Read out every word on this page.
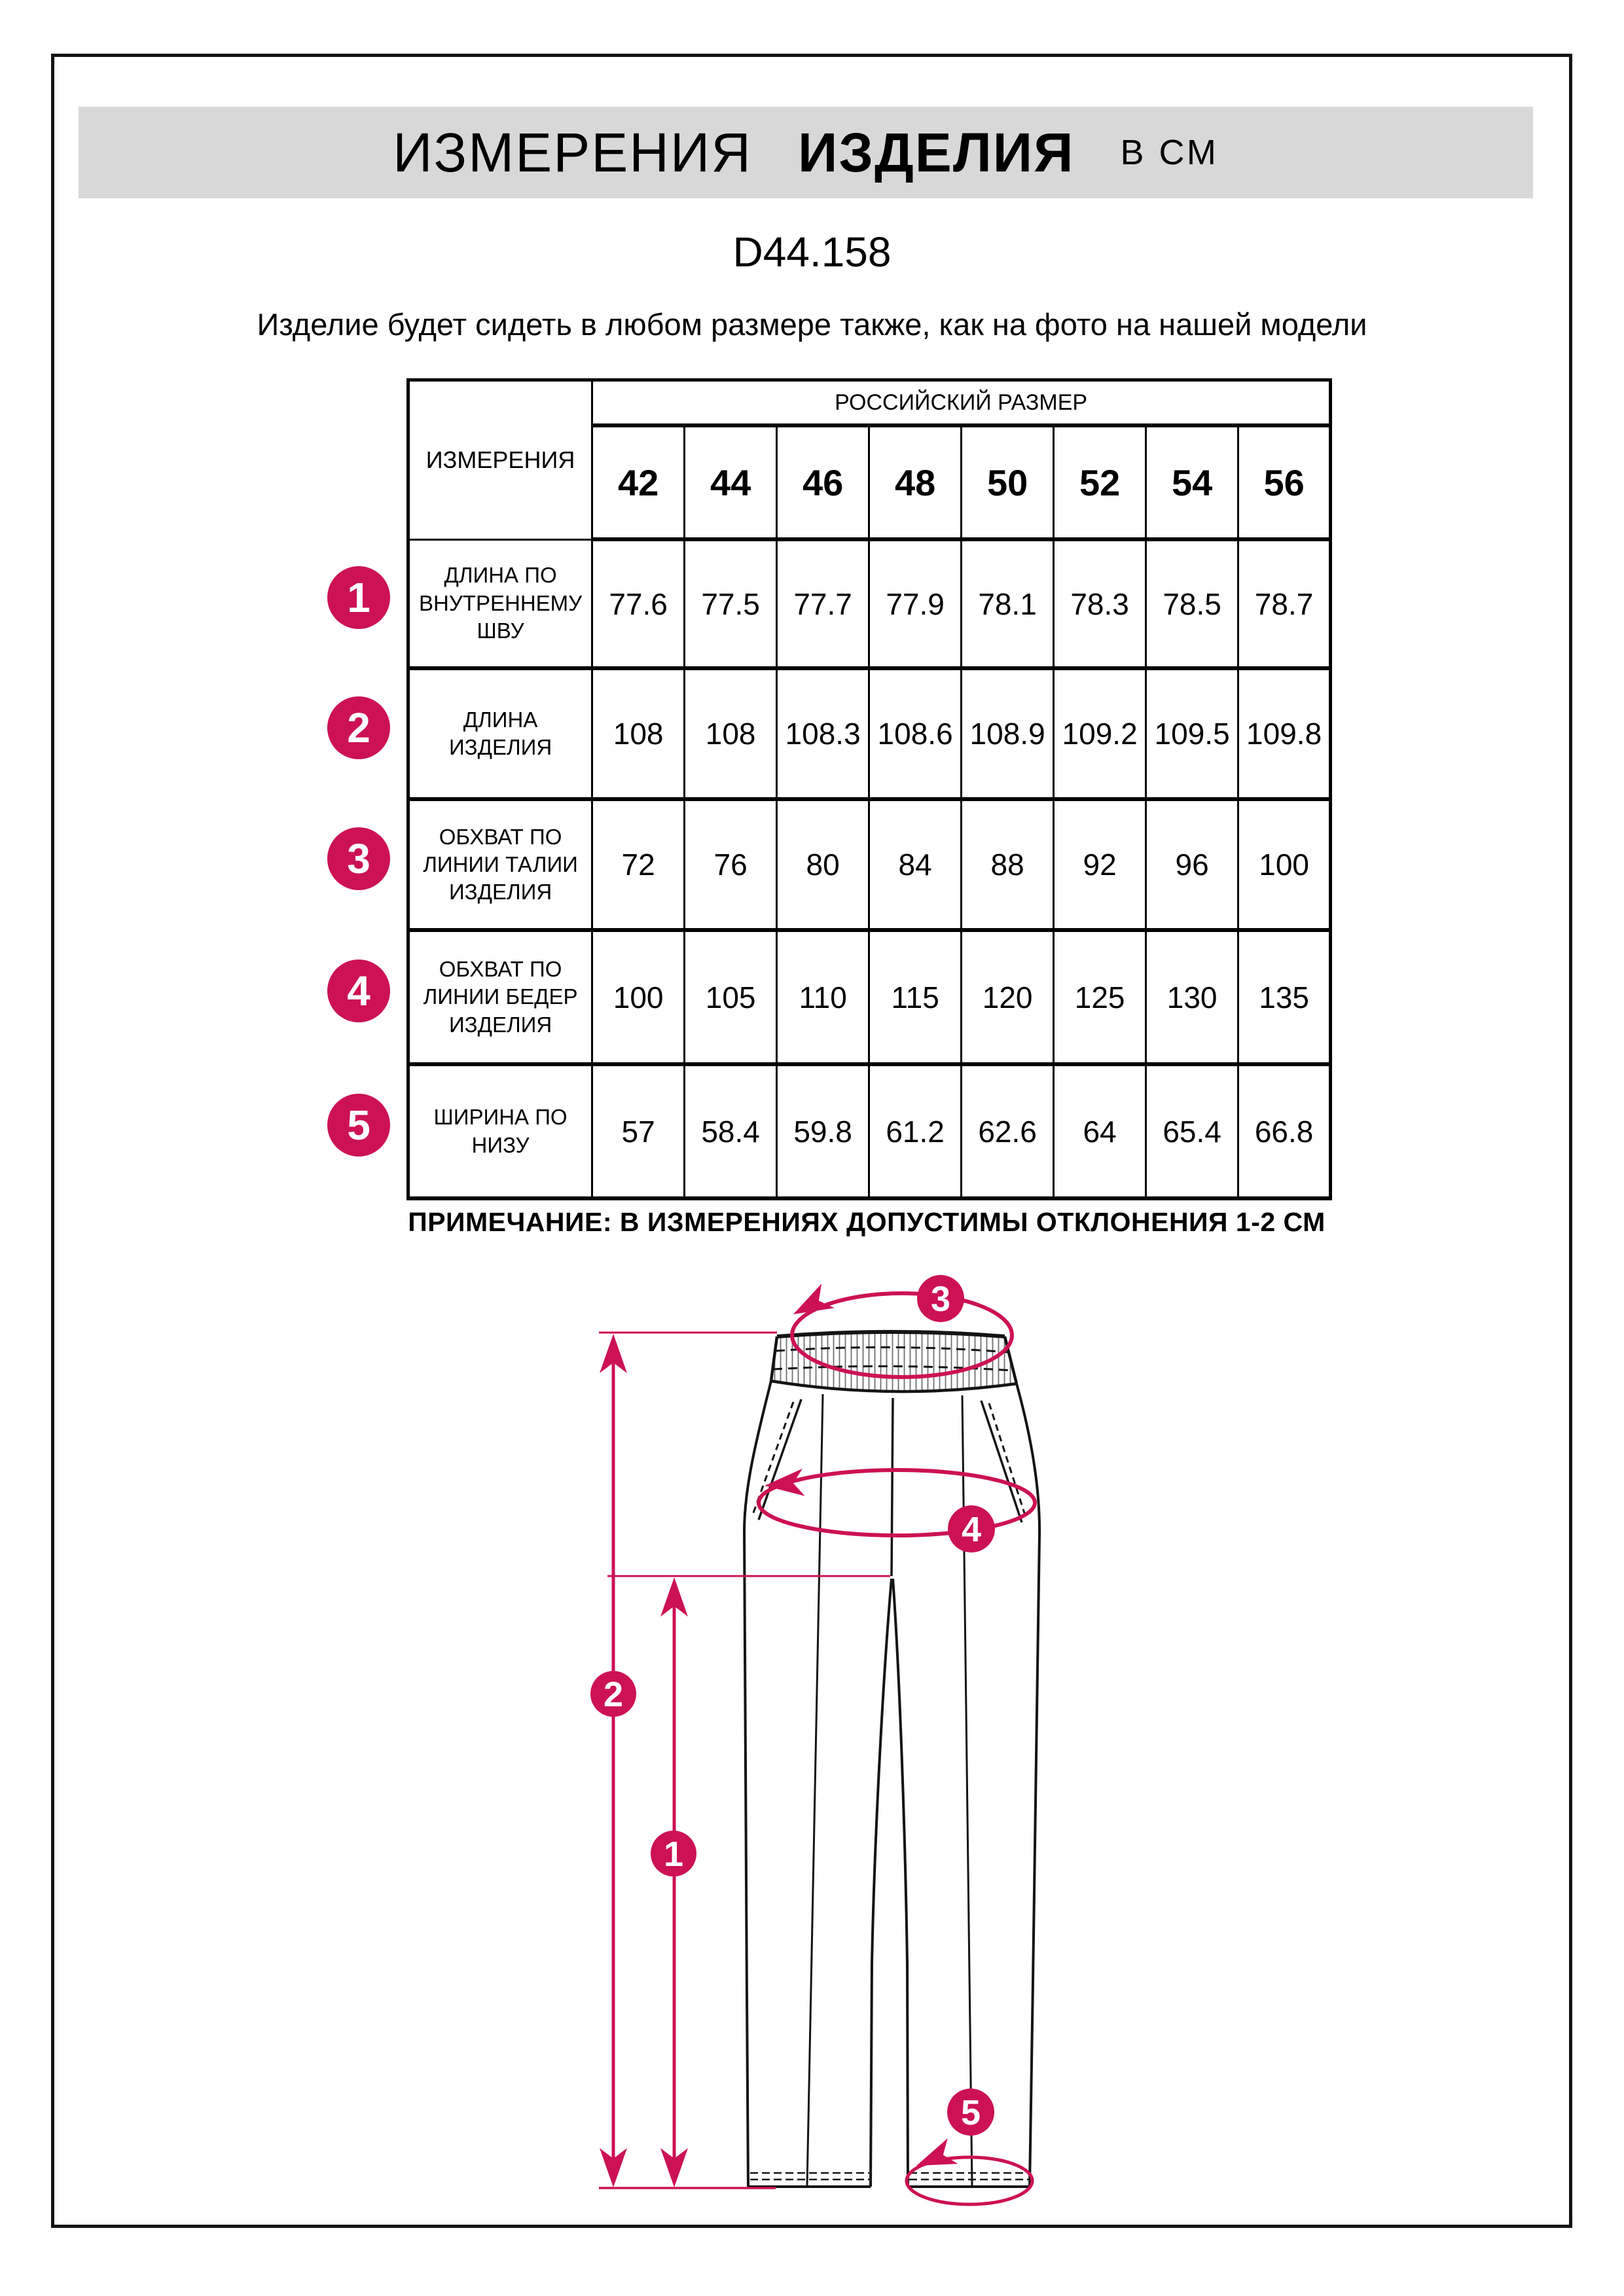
ИЗМЕРЕНИЯ ИЗДЕЛИЯ В СМ
D44.158
Изделие будет сидеть в любом размере также, как на фото на нашей модели
ИЗМЕРЕНИЯ	РОССИЙСКИЙ РАЗМЕР							
	42	44	46	48	50	52	54	56
ДЛИНА ПО ВНУТРЕННЕМУ ШВУ	77.6	77.5	77.7	77.9	78.1	78.3	78.5	78.7
ДЛИНА ИЗДЕЛИЯ	108	108	108.3	108.6	108.9	109.2	109.5	109.8
ОБХВАТ ПО ЛИНИИ ТАЛИИ ИЗДЕЛИЯ	72	76	80	84	88	92	96	100
ОБХВАТ ПО ЛИНИИ БЕДЕР ИЗДЕЛИЯ	100	105	110	115	120	125	130	135
ШИРИНА ПО НИЗУ	57	58.4	59.8	61.2	62.6	64	65.4	66.8
1
2
3
4
5
ПРИМЕЧАНИЕ: В ИЗМЕРЕНИЯХ ДОПУСТИМЫ ОТКЛОНЕНИЯ 1-2 СМ
1
2
3
4
5
